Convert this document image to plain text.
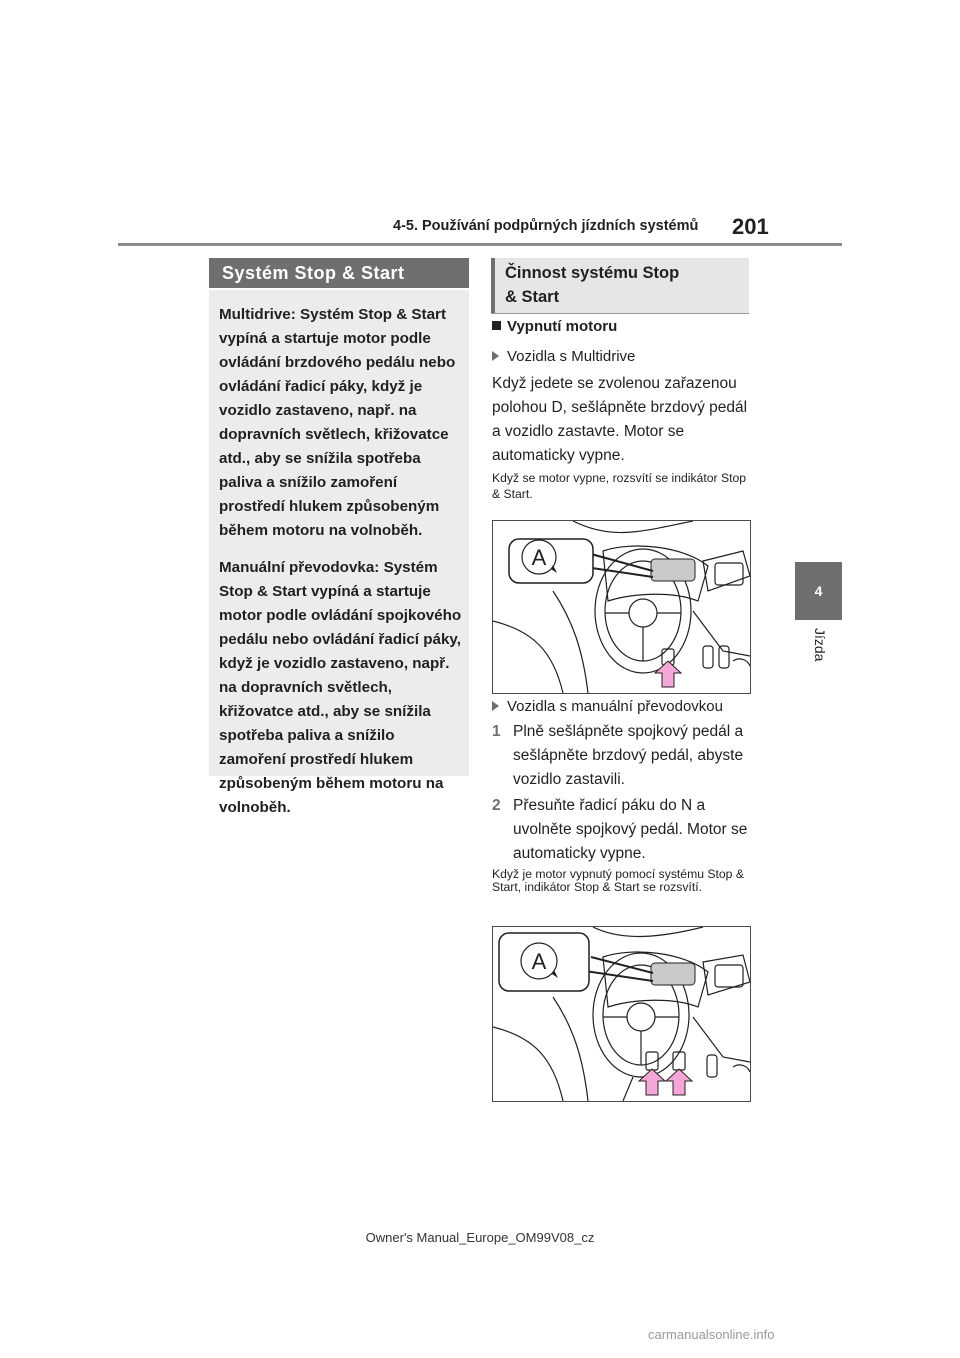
4-5. Používání podpůrných jízdních systémů 201
4
Jízda
Systém Stop & Start

Multidrive: Systém Stop & Start vypíná a startuje motor podle ovládání brzdového pedálu nebo ovládání řadicí páky, když je vozidlo zastaveno, např. na dopravních světlech, křižovatce atd., aby se snížila spotřeba paliva a snížilo zamoření prostředí hlukem způsobeným během motoru na volnoběh.

Manuální převodovka: Systém Stop & Start vypíná a startuje motor podle ovládání spojkového pedálu nebo ovládání řadicí páky, když je vozidlo zastaveno, např. na dopravních světlech, křižovatce atd., aby se snížila spotřeba paliva a snížilo zamoření prostředí hlukem způsobeným během motoru na volnoběh.

Činnost systému Stop
& Start
Vypnutí motoru
Vozidla s Multidrive
Když jedete se zvolenou zařazenou polohou D, sešlápněte brzdový pedál a vozidlo zastavte. Motor se automaticky vypne.
Když se motor vypne, rozsvítí se indikátor Stop & Start.
A
Vozidla s manuální převodovkou
1 Plně sešlápněte spojkový pedál a sešlápněte brzdový pedál, abyste vozidlo zastavili.
2 Přesuňte řadicí páku do N a uvolněte spojkový pedál. Motor se automaticky vypne.
Když je motor vypnutý pomocí systému Stop & Start, indikátor Stop & Start se rozsvítí.
A
Owner's Manual_Europe_OM99V08_cz
carmanualsonline.info
